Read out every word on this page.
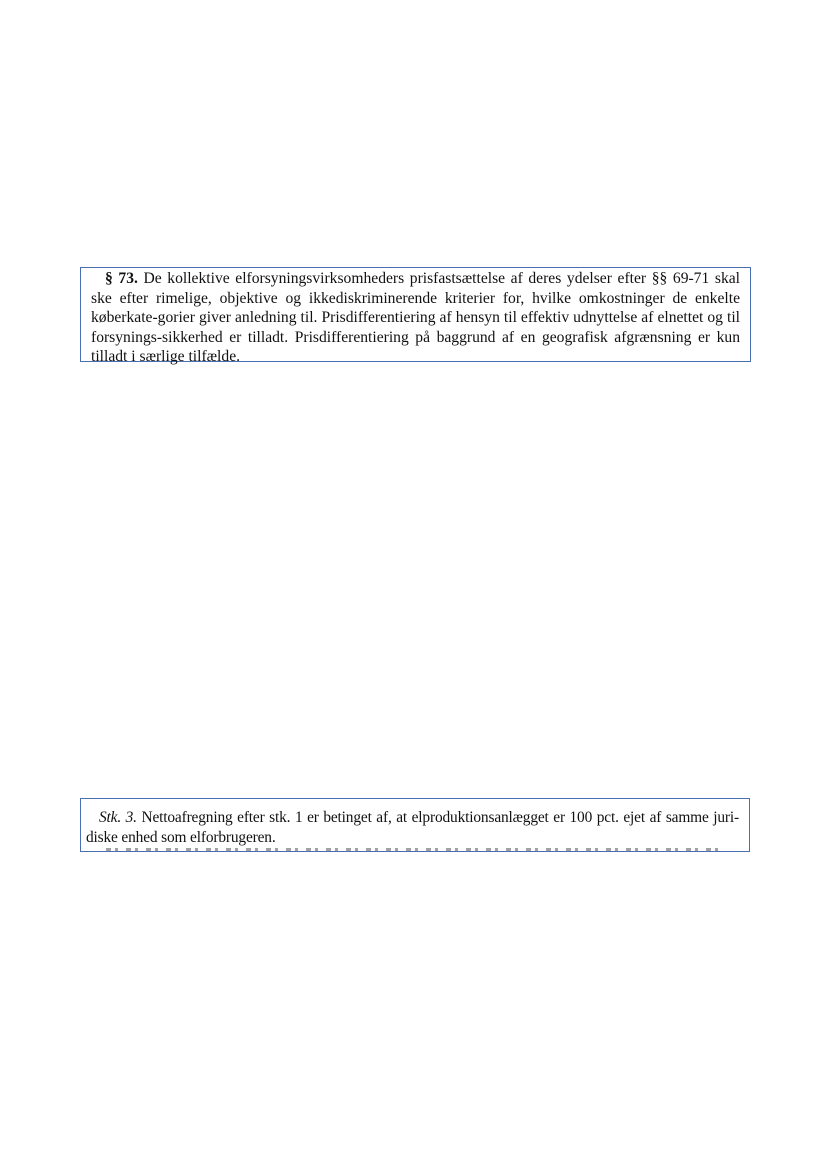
§ 73. De kollektive elforsyningsvirksomheders prisfastsættelse af deres ydelser efter §§ 69-71 skal ske efter rimelige, objektive og ikkediskriminerende kriterier for, hvilke omkostninger de enkelte køberkate-gorier giver anledning til. Prisdifferentiering af hensyn til effektiv udnyttelse af elnettet og til forsynings-sikkerhed er tilladt. Prisdifferentiering på baggrund af en geografisk afgrænsning er kun tilladt i særlige tilfælde.

Stk. 3. Nettoafregning efter stk. 1 er betinget af, at elproduktionsanlægget er 100 pct. ejet af samme juri-diske enhed som elforbrugeren.
